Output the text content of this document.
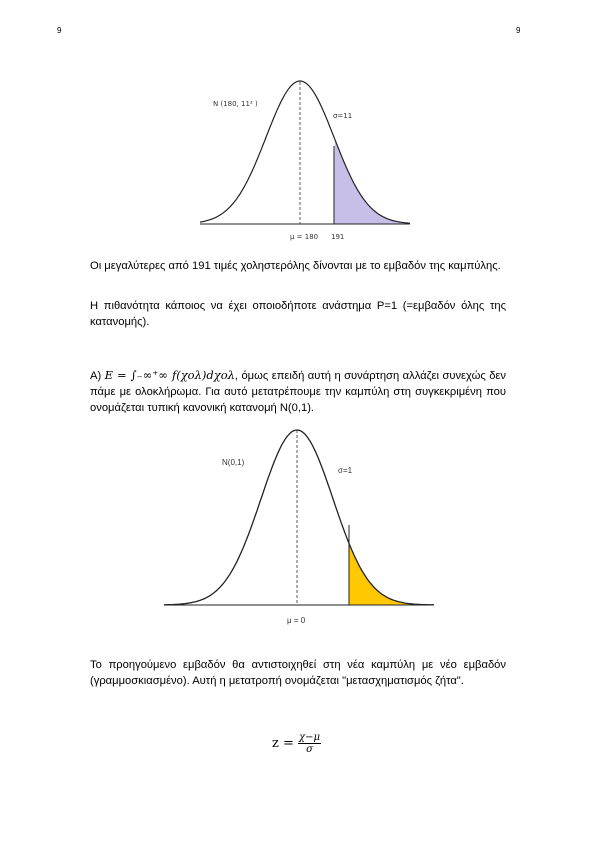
9	9
N (180, 11² )
σ=11
μ = 180 191
Οι μεγαλύτερες από 191 τιμές χοληστερόλης δίνονται με το εμβαδόν της καμπύλης.
Η πιθανότητα κάποιος να έχει οποιοδήποτε ανάστημα P=1 (=εμβαδόν όλης της κατανομής).
A) Ε = ∫₋∞⁺∞ f(χολ)dχολ, όμως επειδή αυτή η συνάρτηση αλλάζει συνεχώς δεν πάμε με ολοκλήρωμα. Για αυτό μετατρέπουμε την καμπύλη στη συγκεκριμένη που ονομάζεται τυπική κανονική κατανομή N(0,1).
N(0,1)
σ=1
μ = 0
Το προηγούμενο εμβαδόν θα αντιστοιχηθεί στη νέα καμπύλη με νέο εμβαδόν (γραμμοσκιασμένο). Αυτή η μετατροπή ονομάζεται "μετασχηματισμός ζήτα".
$z = \frac{\chi-\mu}{\sigma}$
